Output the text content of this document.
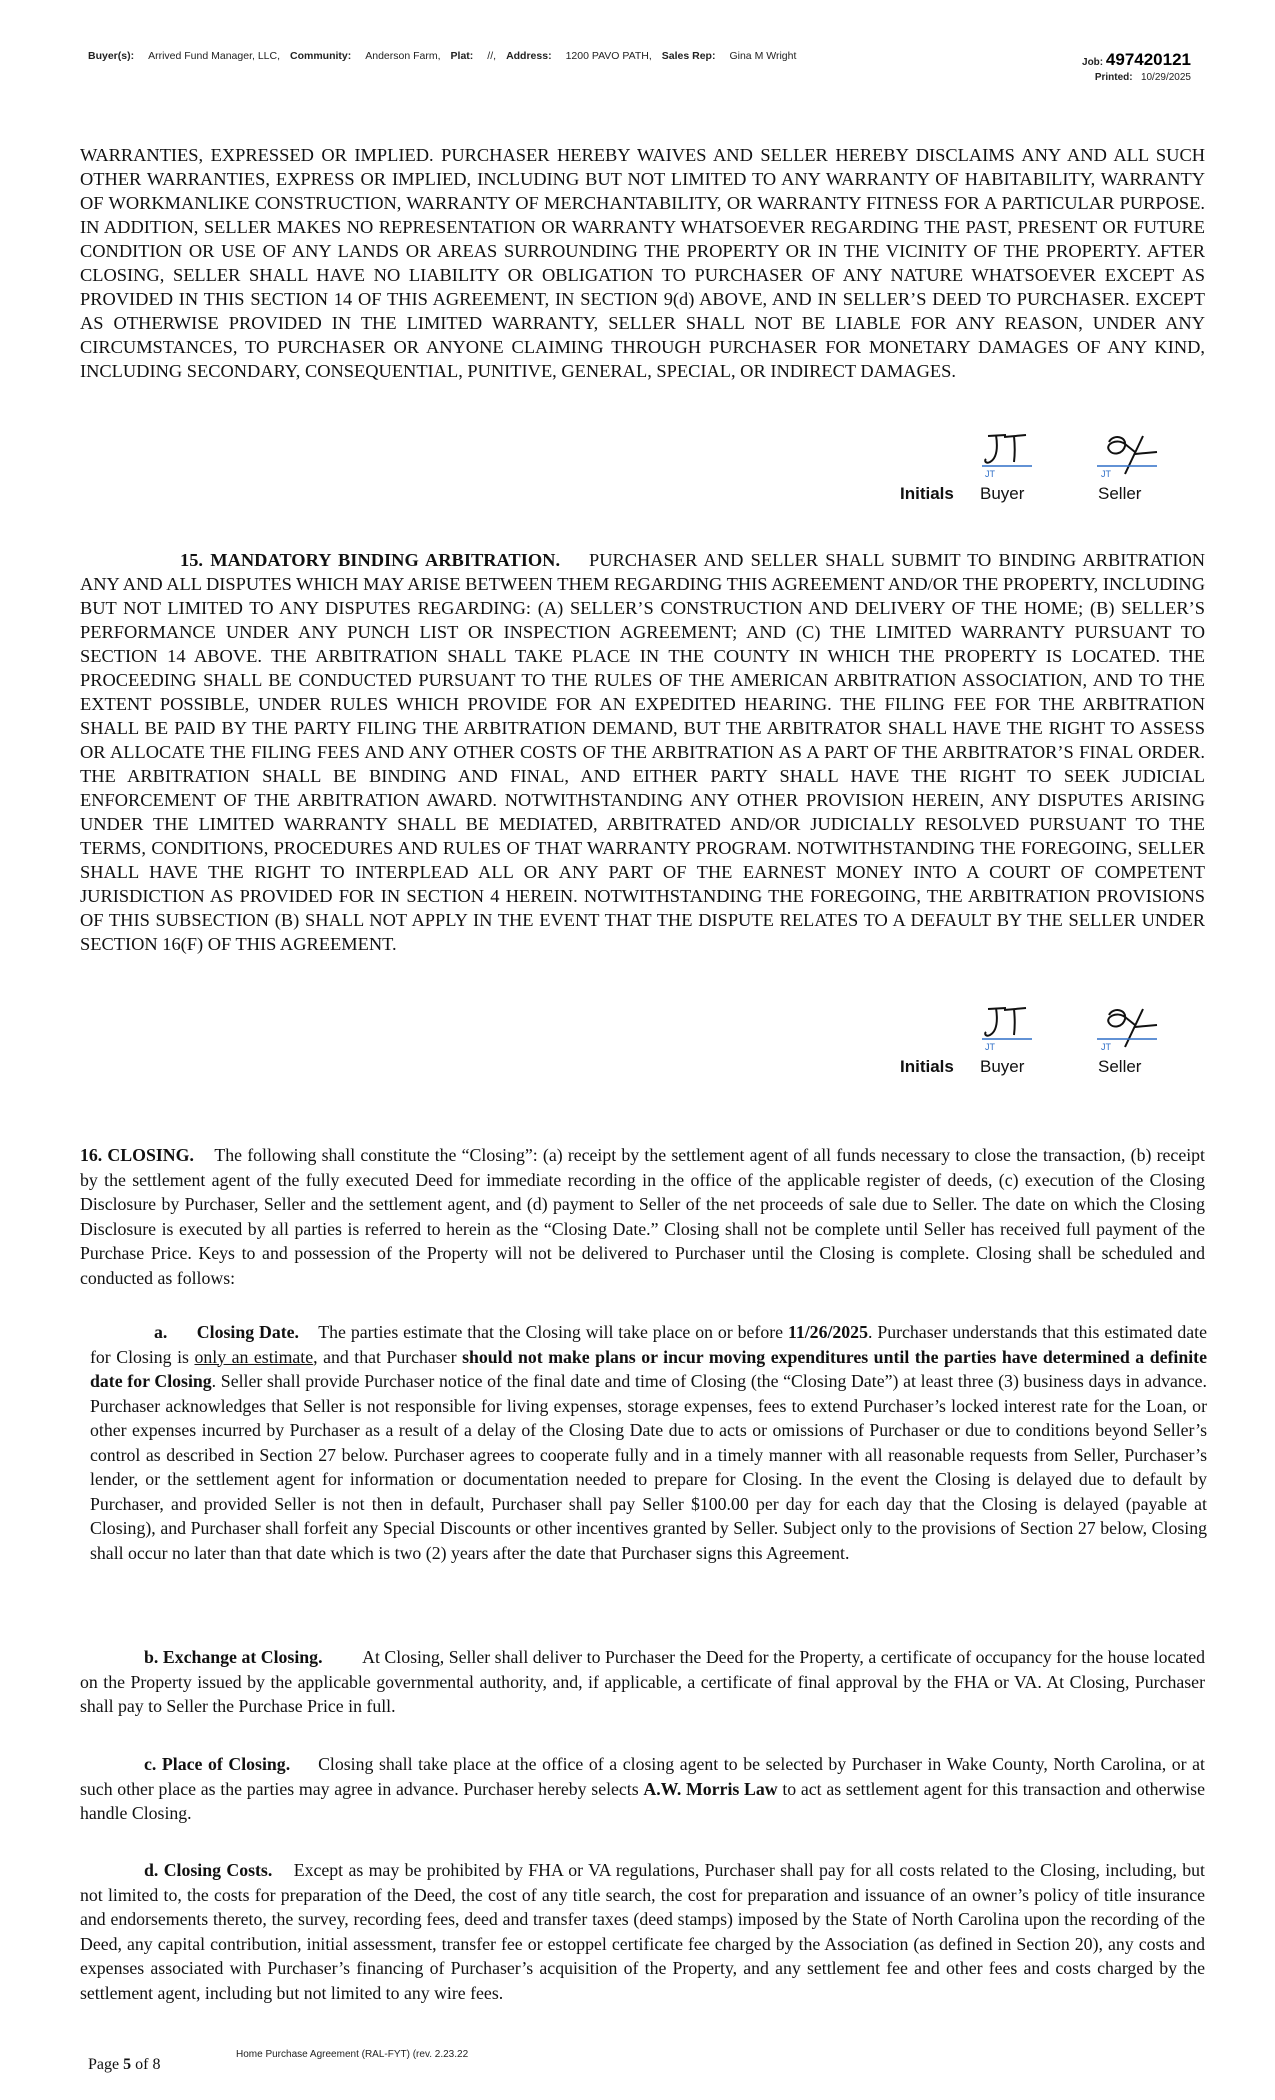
Buyer(s): Arrived Fund Manager, LLC, Community: Anderson Farm, Plat: //, Address: 1200 PAVO PATH, Sales Rep: Gina M Wright
Job: 497420121
Printed: 10/29/2025
WARRANTIES, EXPRESSED OR IMPLIED. PURCHASER HEREBY WAIVES AND SELLER HEREBY DISCLAIMS ANY AND ALL SUCH OTHER WARRANTIES, EXPRESS OR IMPLIED, INCLUDING BUT NOT LIMITED TO ANY WARRANTY OF HABITABILITY, WARRANTY OF WORKMANLIKE CONSTRUCTION, WARRANTY OF MERCHANTABILITY, OR WARRANTY FITNESS FOR A PARTICULAR PURPOSE. IN ADDITION, SELLER MAKES NO REPRESENTATION OR WARRANTY WHATSOEVER REGARDING THE PAST, PRESENT OR FUTURE CONDITION OR USE OF ANY LANDS OR AREAS SURROUNDING THE PROPERTY OR IN THE VICINITY OF THE PROPERTY. AFTER CLOSING, SELLER SHALL HAVE NO LIABILITY OR OBLIGATION TO PURCHASER OF ANY NATURE WHATSOEVER EXCEPT AS PROVIDED IN THIS SECTION 14 OF THIS AGREEMENT, IN SECTION 9(d) ABOVE, AND IN SELLER’S DEED TO PURCHASER. EXCEPT AS OTHERWISE PROVIDED IN THE LIMITED WARRANTY, SELLER SHALL NOT BE LIABLE FOR ANY REASON, UNDER ANY CIRCUMSTANCES, TO PURCHASER OR ANYONE CLAIMING THROUGH PURCHASER FOR MONETARY DAMAGES OF ANY KIND, INCLUDING SECONDARY, CONSEQUENTIAL, PUNITIVE, GENERAL, SPECIAL, OR INDIRECT DAMAGES.
Initials
JT	JT
Buyer	Seller
15. MANDATORY BINDING ARBITRATION. PURCHASER AND SELLER SHALL SUBMIT TO BINDING ARBITRATION ANY AND ALL DISPUTES WHICH MAY ARISE BETWEEN THEM REGARDING THIS AGREEMENT AND/OR THE PROPERTY, INCLUDING BUT NOT LIMITED TO ANY DISPUTES REGARDING: (A) SELLER’S CONSTRUCTION AND DELIVERY OF THE HOME; (B) SELLER’S PERFORMANCE UNDER ANY PUNCH LIST OR INSPECTION AGREEMENT; AND (C) THE LIMITED WARRANTY PURSUANT TO SECTION 14 ABOVE. THE ARBITRATION SHALL TAKE PLACE IN THE COUNTY IN WHICH THE PROPERTY IS LOCATED. THE PROCEEDING SHALL BE CONDUCTED PURSUANT TO THE RULES OF THE AMERICAN ARBITRATION ASSOCIATION, AND TO THE EXTENT POSSIBLE, UNDER RULES WHICH PROVIDE FOR AN EXPEDITED HEARING. THE FILING FEE FOR THE ARBITRATION SHALL BE PAID BY THE PARTY FILING THE ARBITRATION DEMAND, BUT THE ARBITRATOR SHALL HAVE THE RIGHT TO ASSESS OR ALLOCATE THE FILING FEES AND ANY OTHER COSTS OF THE ARBITRATION AS A PART OF THE ARBITRATOR’S FINAL ORDER. THE ARBITRATION SHALL BE BINDING AND FINAL, AND EITHER PARTY SHALL HAVE THE RIGHT TO SEEK JUDICIAL ENFORCEMENT OF THE ARBITRATION AWARD. NOTWITHSTANDING ANY OTHER PROVISION HEREIN, ANY DISPUTES ARISING UNDER THE LIMITED WARRANTY SHALL BE MEDIATED, ARBITRATED AND/OR JUDICIALLY RESOLVED PURSUANT TO THE TERMS, CONDITIONS, PROCEDURES AND RULES OF THAT WARRANTY PROGRAM. NOTWITHSTANDING THE FOREGOING, SELLER SHALL HAVE THE RIGHT TO INTERPLEAD ALL OR ANY PART OF THE EARNEST MONEY INTO A COURT OF COMPETENT JURISDICTION AS PROVIDED FOR IN SECTION 4 HEREIN. NOTWITHSTANDING THE FOREGOING, THE ARBITRATION PROVISIONS OF THIS SUBSECTION (B) SHALL NOT APPLY IN THE EVENT THAT THE DISPUTE RELATES TO A DEFAULT BY THE SELLER UNDER SECTION 16(F) OF THIS AGREEMENT.
Initials
JT	JT
Buyer	Seller
16. CLOSING. The following shall constitute the “Closing”: (a) receipt by the settlement agent of all funds necessary to close the transaction, (b) receipt by the settlement agent of the fully executed Deed for immediate recording in the office of the applicable register of deeds, (c) execution of the Closing Disclosure by Purchaser, Seller and the settlement agent, and (d) payment to Seller of the net proceeds of sale due to Seller. The date on which the Closing Disclosure is executed by all parties is referred to herein as the “Closing Date.” Closing shall not be complete until Seller has received full payment of the Purchase Price. Keys to and possession of the Property will not be delivered to Purchaser until the Closing is complete. Closing shall be scheduled and conducted as follows:
a. Closing Date. The parties estimate that the Closing will take place on or before 11/26/2025. Purchaser understands that this estimated date for Closing is only an estimate, and that Purchaser should not make plans or incur moving expenditures until the parties have determined a definite date for Closing. Seller shall provide Purchaser notice of the final date and time of Closing (the “Closing Date”) at least three (3) business days in advance. Purchaser acknowledges that Seller is not responsible for living expenses, storage expenses, fees to extend Purchaser’s locked interest rate for the Loan, or other expenses incurred by Purchaser as a result of a delay of the Closing Date due to acts or omissions of Purchaser or due to conditions beyond Seller’s control as described in Section 27 below. Purchaser agrees to cooperate fully and in a timely manner with all reasonable requests from Seller, Purchaser’s lender, or the settlement agent for information or documentation needed to prepare for Closing. In the event the Closing is delayed due to default by Purchaser, and provided Seller is not then in default, Purchaser shall pay Seller $100.00 per day for each day that the Closing is delayed (payable at Closing), and Purchaser shall forfeit any Special Discounts or other incentives granted by Seller. Subject only to the provisions of Section 27 below, Closing shall occur no later than that date which is two (2) years after the date that Purchaser signs this Agreement.
b. Exchange at Closing. At Closing, Seller shall deliver to Purchaser the Deed for the Property, a certificate of occupancy for the house located on the Property issued by the applicable governmental authority, and, if applicable, a certificate of final approval by the FHA or VA. At Closing, Purchaser shall pay to Seller the Purchase Price in full.
c. Place of Closing. Closing shall take place at the office of a closing agent to be selected by Purchaser in Wake County, North Carolina, or at such other place as the parties may agree in advance. Purchaser hereby selects A.W. Morris Law to act as settlement agent for this transaction and otherwise handle Closing.
d. Closing Costs. Except as may be prohibited by FHA or VA regulations, Purchaser shall pay for all costs related to the Closing, including, but not limited to, the costs for preparation of the Deed, the cost of any title search, the cost for preparation and issuance of an owner’s policy of title insurance and endorsements thereto, the survey, recording fees, deed and transfer taxes (deed stamps) imposed by the State of North Carolina upon the recording of the Deed, any capital contribution, initial assessment, transfer fee or estoppel certificate fee charged by the Association (as defined in Section 20), any costs and expenses associated with Purchaser’s financing of Purchaser’s acquisition of the Property, and any settlement fee and other fees and costs charged by the settlement agent, including but not limited to any wire fees.
Page 5 of 8
Home Purchase Agreement (RAL-FYT) (rev. 2.23.22
